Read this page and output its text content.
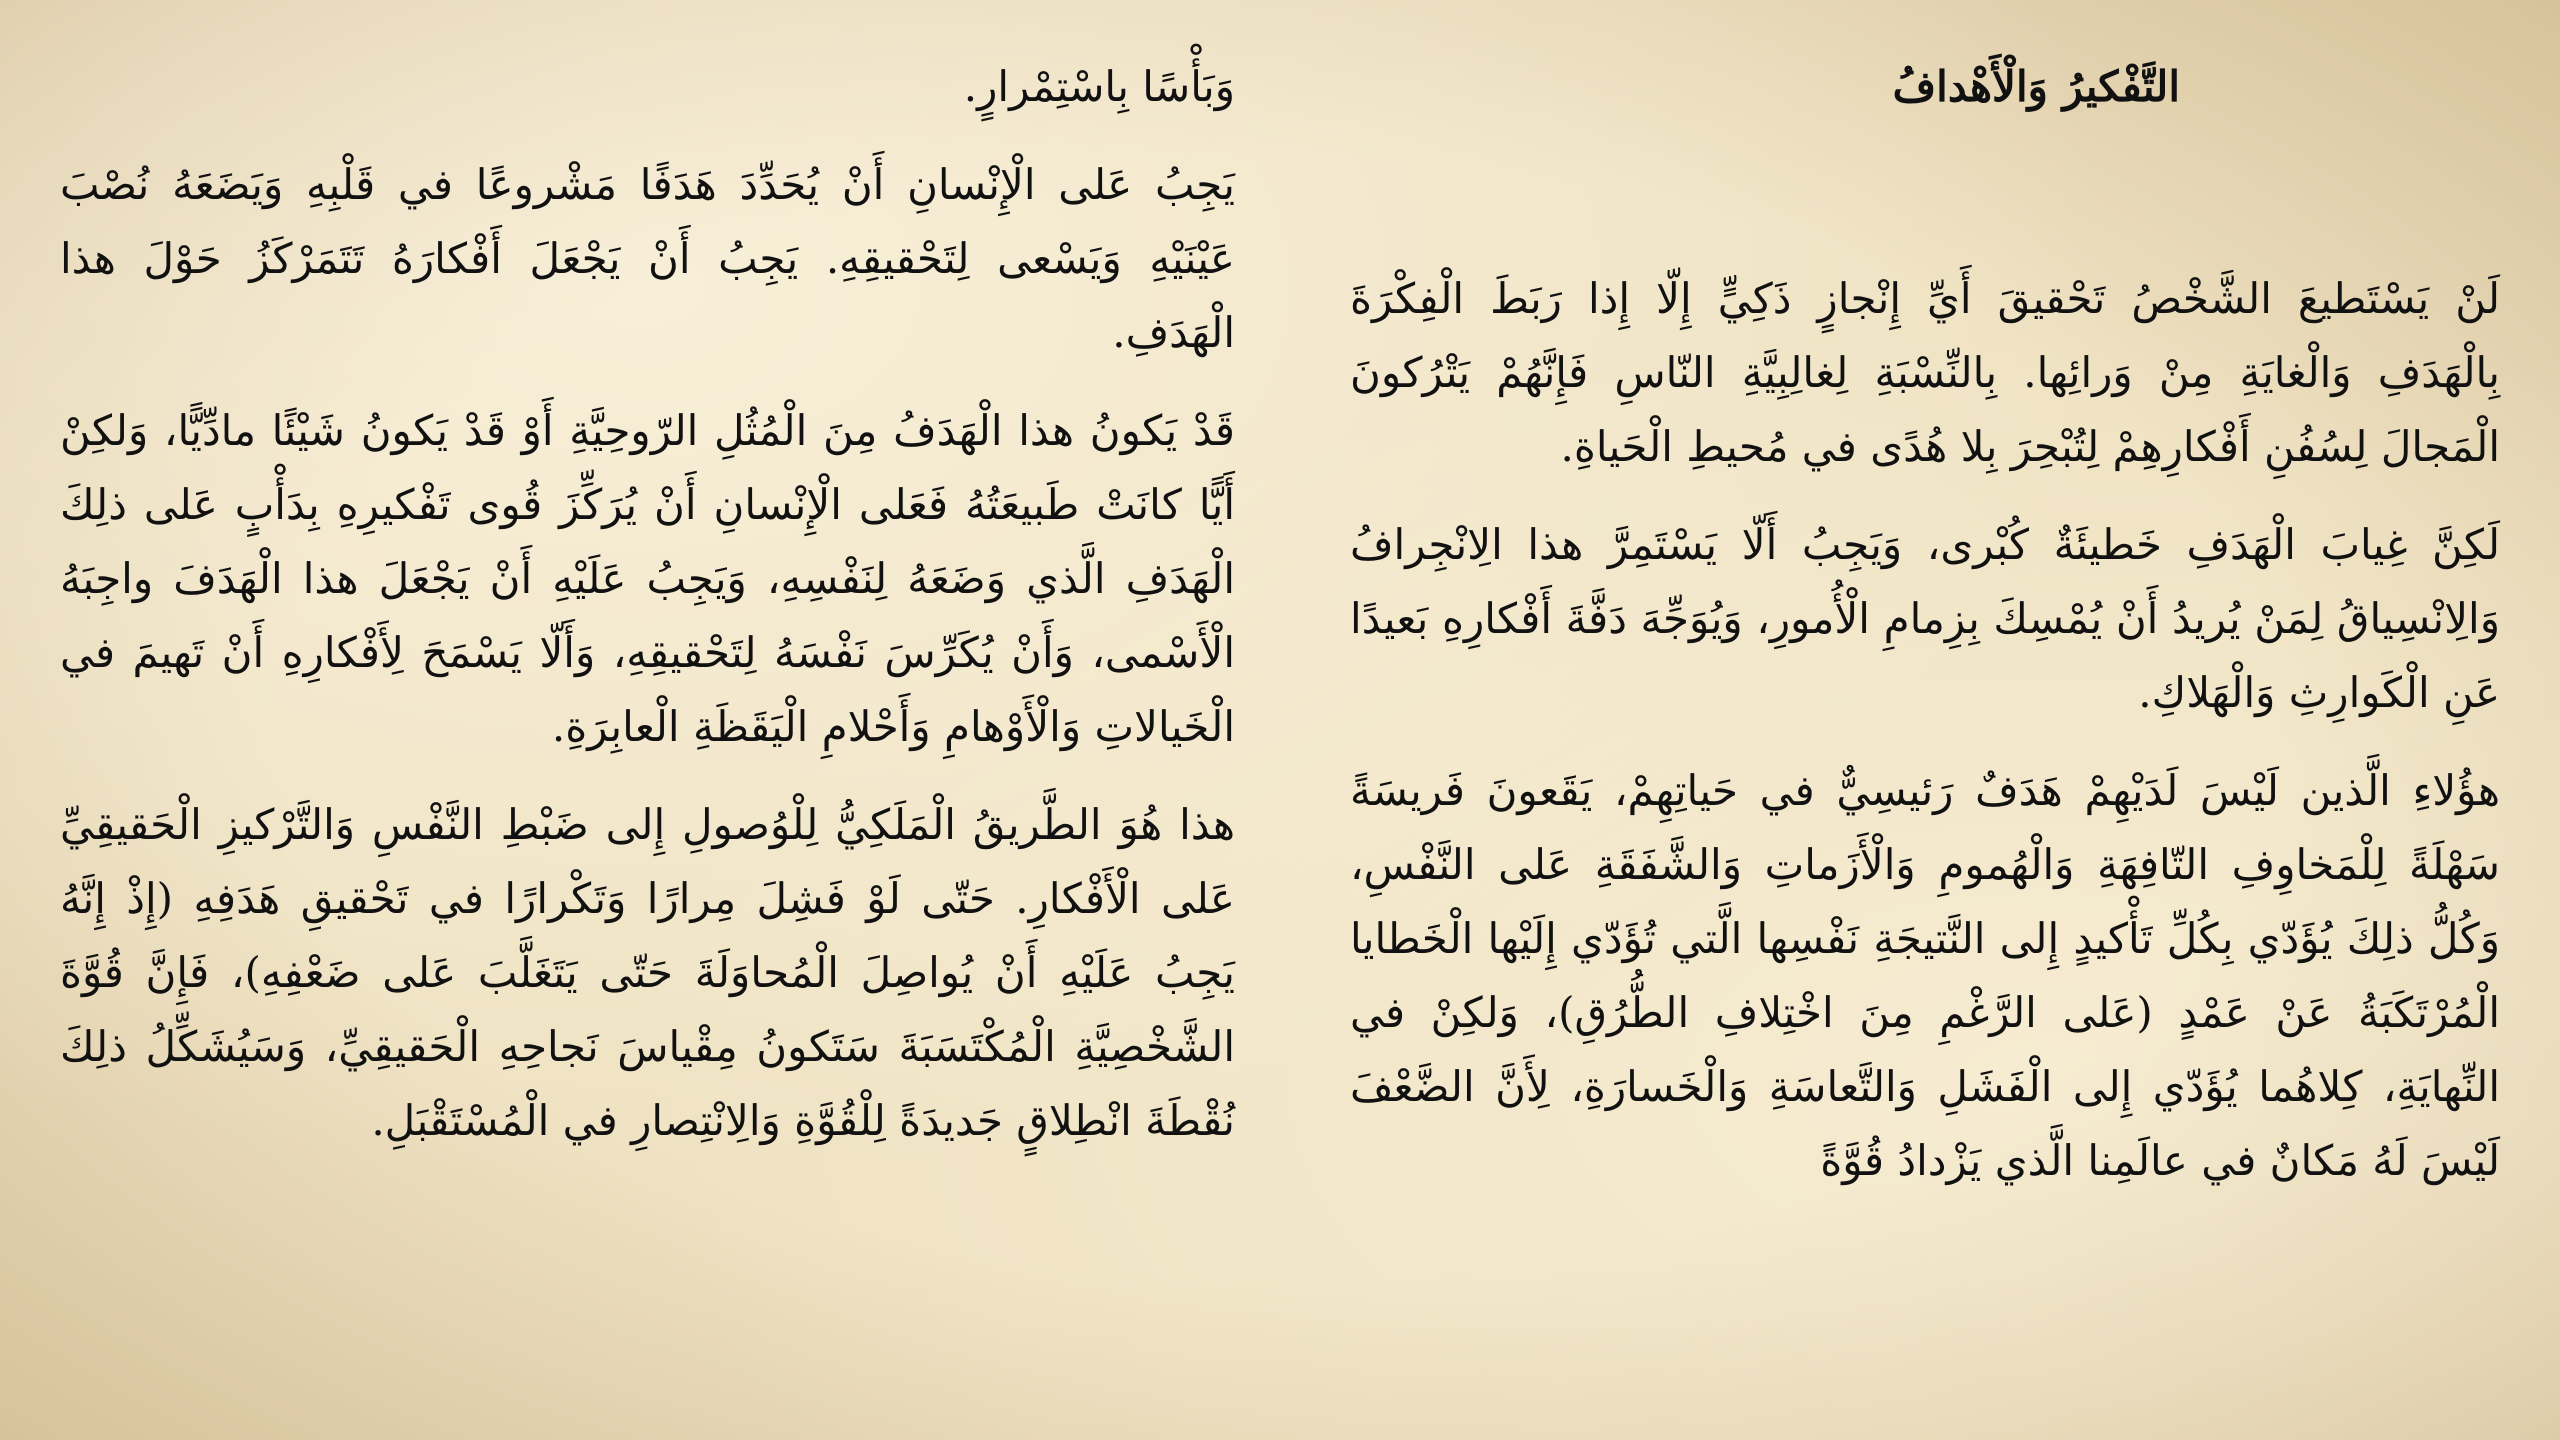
التَّفْكيرُ وَالْأَهْدافُ

لَنْ يَسْتَطيعَ الشَّخْصُ تَحْقيقَ أَيِّ إِنْجازٍ ذَكِيٍّ إِلّا إِذا رَبَطَ الْفِكْرَةَ بِالْهَدَفِ وَالْغايَةِ مِنْ وَرائِها. بِالنِّسْبَةِ لِغالِبِيَّةِ النّاسِ فَإِنَّهُمْ يَتْرُكونَ الْمَجالَ لِسُفُنِ أَفْكارِهِمْ لِتُبْحِرَ بِلا هُدًى في مُحيطِ الْحَياةِ.

لَكِنَّ غِيابَ الْهَدَفِ خَطيئَةٌ كُبْرى، وَيَجِبُ أَلّا يَسْتَمِرَّ هذا الِانْجِرافُ وَالِانْسِياقُ لِمَنْ يُريدُ أَنْ يُمْسِكَ بِزِمامِ الْأُمورِ، وَيُوَجِّهَ دَفَّةَ أَفْكارِهِ بَعيدًا عَنِ الْكَوارِثِ وَالْهَلاكِ.

هؤُلاءِ الَّذين لَيْسَ لَدَيْهِمْ هَدَفٌ رَئيسِيٌّ في حَياتِهِمْ، يَقَعونَ فَريسَةً سَهْلَةً لِلْمَخاوِفِ التّافِهَةِ وَالْهُمومِ وَالْأَزَماتِ وَالشَّفَقَةِ عَلى النَّفْسِ، وَكُلُّ ذلِكَ يُؤَدّي بِكُلِّ تَأْكيدٍ إِلى النَّتيجَةِ نَفْسِها الَّتي تُؤَدّي إِلَيْها الْخَطايا الْمُرْتَكَبَةُ عَنْ عَمْدٍ (عَلى الرَّغْمِ مِنَ اخْتِلافِ الطُّرُقِ)، وَلكِنْ في النِّهايَةِ، كِلاهُما يُؤَدّي إِلى الْفَشَلِ وَالتَّعاسَةِ وَالْخَسارَةِ، لِأَنَّ الضَّعْفَ لَيْسَ لَهُ مَكانٌ في عالَمِنا الَّذي يَزْدادُ قُوَّةً

وَبَأْسًا بِاسْتِمْرارٍ.

يَجِبُ عَلى الْإِنْسانِ أَنْ يُحَدِّدَ هَدَفًا مَشْروعًا في قَلْبِهِ وَيَضَعَهُ نُصْبَ عَيْنَيْهِ وَيَسْعى لِتَحْقيقِهِ. يَجِبُ أَنْ يَجْعَلَ أَفْكارَهُ تَتَمَرْكَزُ حَوْلَ هذا الْهَدَفِ.

قَدْ يَكونُ هذا الْهَدَفُ مِنَ الْمُثُلِ الرّوحِيَّةِ أَوْ قَدْ يَكونُ شَيْئًا مادِّيًّا، وَلكِنْ أَيًّا كانَتْ طَبيعَتُهُ فَعَلى الْإِنْسانِ أَنْ يُرَكِّزَ قُوى تَفْكيرِهِ بِدَأْبٍ عَلى ذلِكَ الْهَدَفِ الَّذي وَضَعَهُ لِنَفْسِهِ، وَيَجِبُ عَلَيْهِ أَنْ يَجْعَلَ هذا الْهَدَفَ واجِبَهُ الْأَسْمى، وَأَنْ يُكَرِّسَ نَفْسَهُ لِتَحْقيقِهِ، وَأَلّا يَسْمَحَ لِأَفْكارِهِ أَنْ تَهيمَ في الْخَيالاتِ وَالْأَوْهامِ وَأَحْلامِ الْيَقَظَةِ الْعابِرَةِ.

هذا هُوَ الطَّريقُ الْمَلَكِيُّ لِلْوُصولِ إِلى ضَبْطِ النَّفْسِ وَالتَّرْكيزِ الْحَقيقِيِّ عَلى الْأَفْكارِ. حَتّى لَوْ فَشِلَ مِرارًا وَتَكْرارًا في تَحْقيقِ هَدَفِهِ (إِذْ إِنَّهُ يَجِبُ عَلَيْهِ أَنْ يُواصِلَ الْمُحاوَلَةَ حَتّى يَتَغَلَّبَ عَلى ضَعْفِهِ)، فَإِنَّ قُوَّةَ الشَّخْصِيَّةِ الْمُكْتَسَبَةَ سَتَكونُ مِقْياسَ نَجاحِهِ الْحَقيقِيِّ، وَسَيُشَكِّلُ ذلِكَ نُقْطَةَ انْطِلاقٍ جَديدَةً لِلْقُوَّةِ وَالِانْتِصارِ في الْمُسْتَقْبَلِ.
